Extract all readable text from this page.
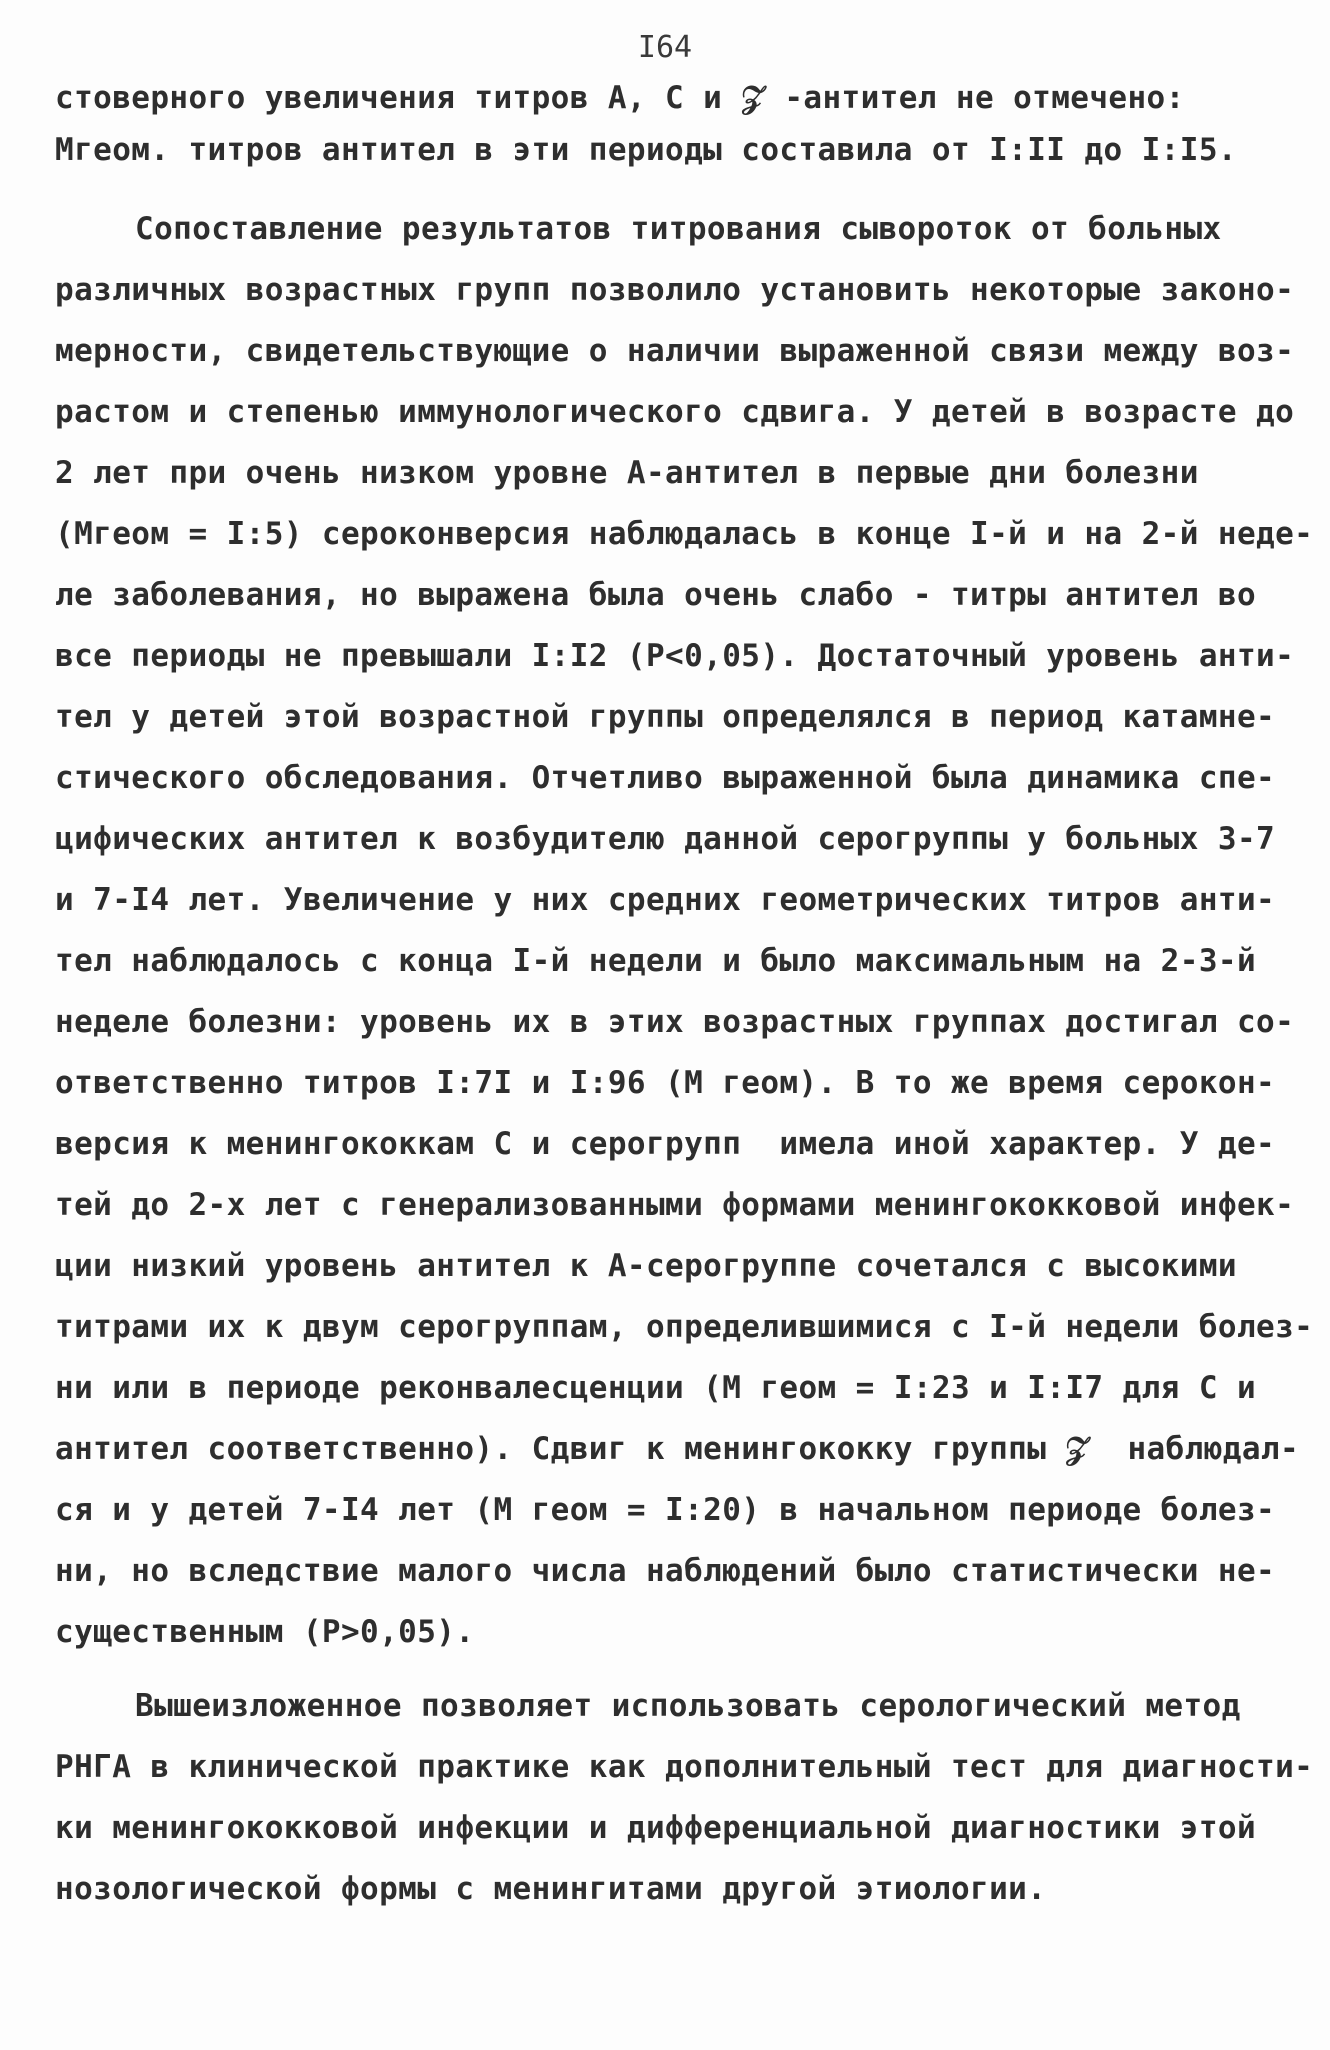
I64
стоверного увеличения титров А, С и 𝒵 -антител не отмечено:
Мгеом. титров антител в эти периоды составила от I:II до I:I5.
Сопоставление результатов титрования сывороток от больных
различных возрастных групп позволило установить некоторые законо-
мерности, свидетельствующие о наличии выраженной связи между воз-
растом и степенью иммунологического сдвига. У детей в возрасте до
2 лет при очень низком уровне А-антител в первые дни болезни
(Мгеом = I:5) сероконверсия наблюдалась в конце I-й и на 2-й неде-
ле заболевания, но выражена была очень слабо - титры антител во
все периоды не превышали I:I2 (P<0,05). Достаточный уровень анти-
тел у детей этой возрастной группы определялся в период катамне-
стического обследования. Отчетливо выраженной была динамика спе-
цифических антител к возбудителю данной серогруппы у больных 3-7
и 7-I4 лет. Увеличение у них средних геометрических титров анти-
тел наблюдалось с конца I-й недели и было максимальным на 2-3-й
неделе болезни: уровень их в этих возрастных группах достигал со-
ответственно титров I:7I и I:96 (М геом). В то же время серокон-
версия к менингококкам С и серогрупп  имела иной характер. У де-
тей до 2-х лет с генерализованными формами менингококковой инфек-
ции низкий уровень антител к А-серогруппе сочетался с высокими
титрами их к двум серогруппам, определившимися с I-й недели болез-
ни или в периоде реконвалесценции (М геом = I:23 и I:I7 для С и
антител соответственно). Сдвиг к менингококку группы 𝒵  наблюдал-
ся и у детей 7-I4 лет (М геом = I:20) в начальном периоде болез-
ни, но вследствие малого числа наблюдений было статистически не-
существенным (P>0,05).
Вышеизложенное позволяет использовать серологический метод
РНГА в клинической практике как дополнительный тест для диагности-
ки менингококковой инфекции и дифференциальной диагностики этой
нозологической формы с менингитами другой этиологии.
